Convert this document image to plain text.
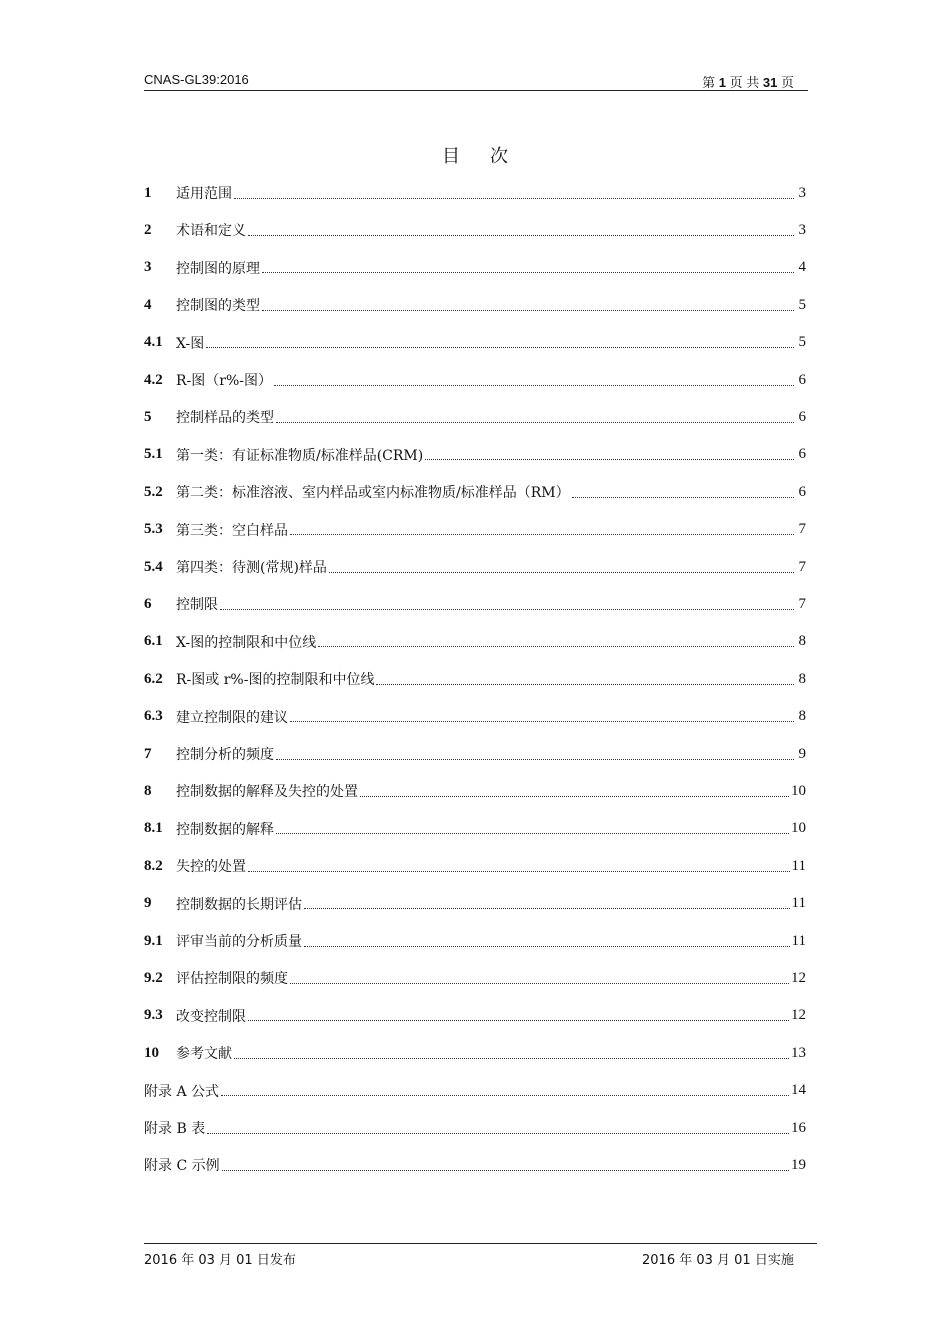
CNAS-GL39:2016	第 1 页 共 31 页
目次
1	适用范围	3
2	术语和定义	3
3	控制图的原理	4
4	控制图的类型	5
4.1 X-图	5
4.2 R-图（r%-图）	6
5	控制样品的类型	6
5.1 第一类：有证标准物质/标准样品(CRM)	6
5.2 第二类：标准溶液、室内样品或室内标准物质/标准样品（RM）	6
5.3 第三类：空白样品	7
5.4 第四类：待测(常规)样品	7
6	控制限	7
6.1 X-图的控制限和中位线	8
6.2 R-图或 r%-图的控制限和中位线	8
6.3 建立控制限的建议	8
7	控制分析的频度	9
8	控制数据的解释及失控的处置	10
8.1 控制数据的解释	10
8.2 失控的处置	11
9	控制数据的长期评估	11
9.1 评审当前的分析质量	11
9.2 评估控制限的频度	12
9.3 改变控制限	12
10	参考文献	13
附录 A 公式	14
附录 B 表	16
附录 C 示例	19
2016 年 03 月 01 日发布	2016 年 03 月 01 日实施
